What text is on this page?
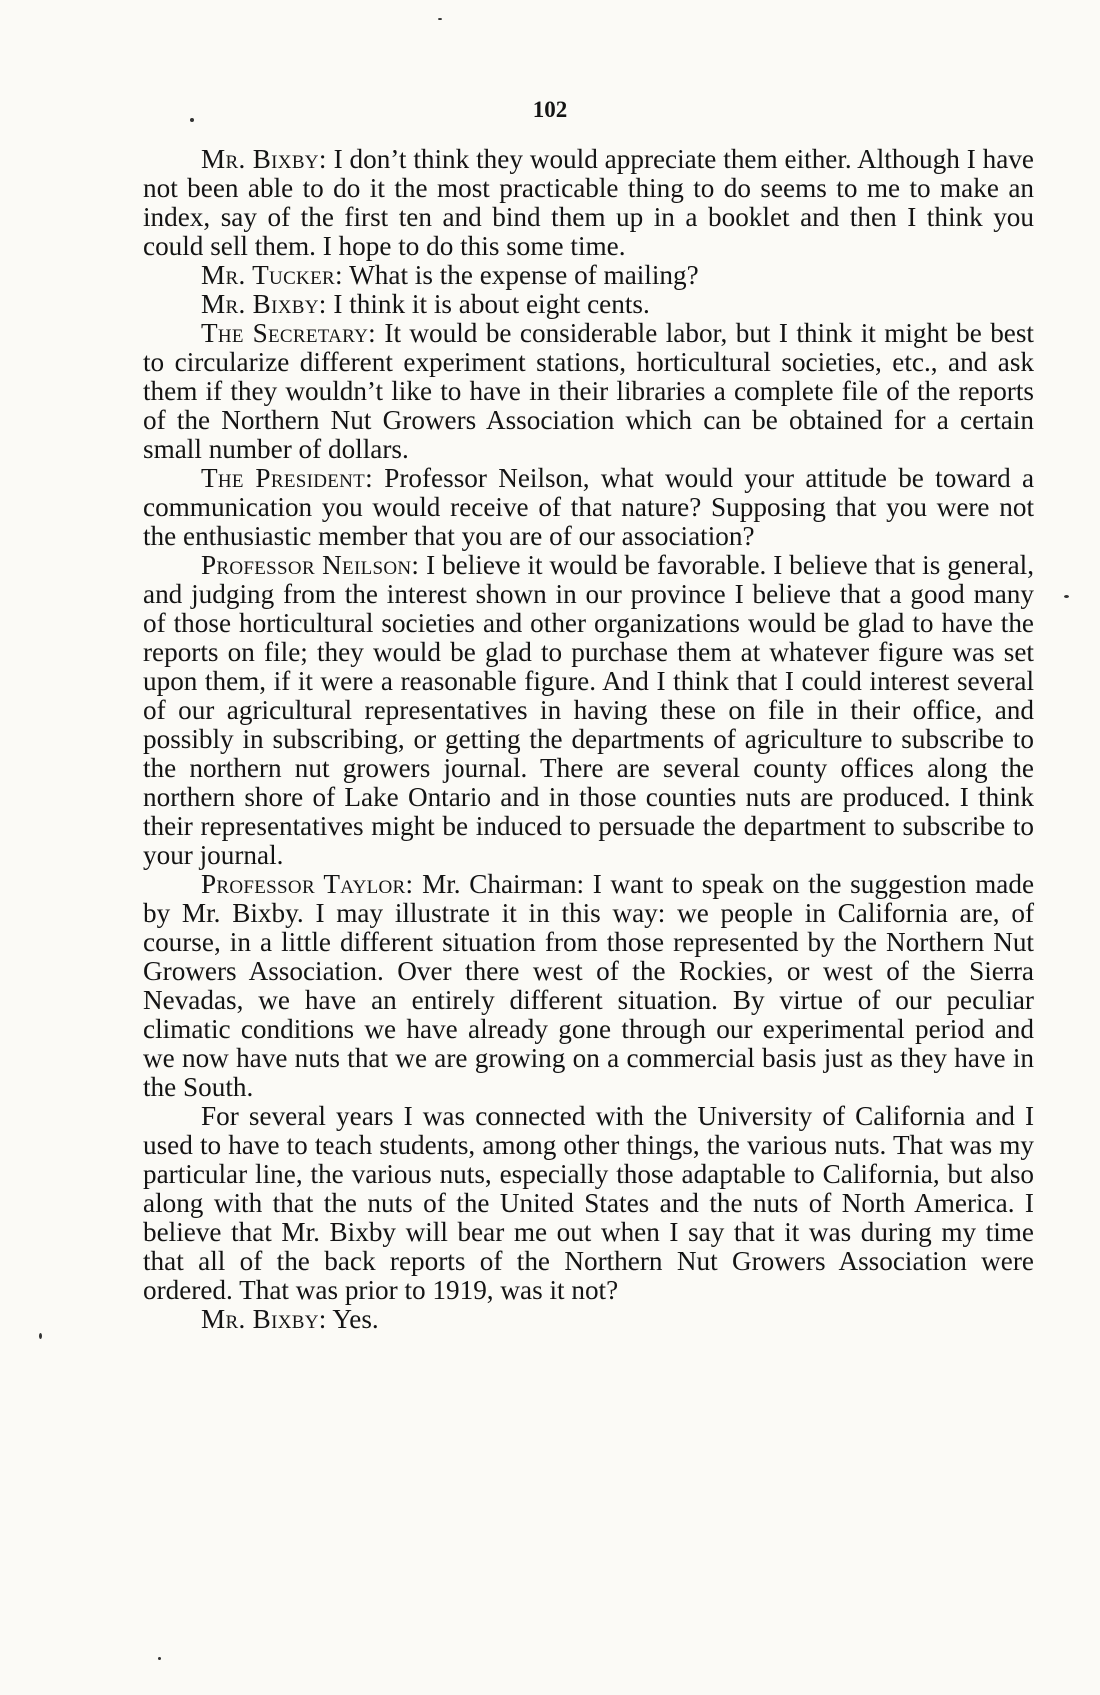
102

Mr. Bixby: I don’t think they would appreciate them either. Although I have not been able to do it the most practicable thing to do seems to me to make an index, say of the first ten and bind them up in a booklet and then I think you could sell them. I hope to do this some time.

Mr. Tucker: What is the expense of mailing?

Mr. Bixby: I think it is about eight cents.

The Secretary: It would be considerable labor, but I think it might be best to circularize different experiment stations, horticultural societies, etc., and ask them if they wouldn’t like to have in their libraries a complete file of the reports of the Northern Nut Growers Association which can be obtained for a certain small number of dollars.

The President: Professor Neilson, what would your attitude be toward a communication you would receive of that nature? Supposing that you were not the enthusiastic member that you are of our association?

Professor Neilson: I believe it would be favorable. I believe that is general, and judging from the interest shown in our province I believe that a good many of those horticultural societies and other organizations would be glad to have the reports on file; they would be glad to purchase them at whatever figure was set upon them, if it were a reasonable figure. And I think that I could interest several of our agricultural representatives in having these on file in their office, and possibly in subscribing, or getting the departments of agriculture to subscribe to the northern nut growers journal. There are several county offices along the northern shore of Lake Ontario and in those counties nuts are produced. I think their representatives might be induced to persuade the department to subscribe to your journal.

Professor Taylor: Mr. Chairman: I want to speak on the suggestion made by Mr. Bixby. I may illustrate it in this way: we people in California are, of course, in a little different situation from those represented by the Northern Nut Growers Association. Over there west of the Rockies, or west of the Sierra Nevadas, we have an entirely different situation. By virtue of our peculiar climatic conditions we have already gone through our experimental period and we now have nuts that we are growing on a commercial basis just as they have in the South.

For several years I was connected with the University of California and I used to have to teach students, among other things, the various nuts. That was my particular line, the various nuts, especially those adaptable to California, but also along with that the nuts of the United States and the nuts of North America. I believe that Mr. Bixby will bear me out when I say that it was during my time that all of the back reports of the Northern Nut Growers Association were ordered. That was prior to 1919, was it not?

Mr. Bixby: Yes.
